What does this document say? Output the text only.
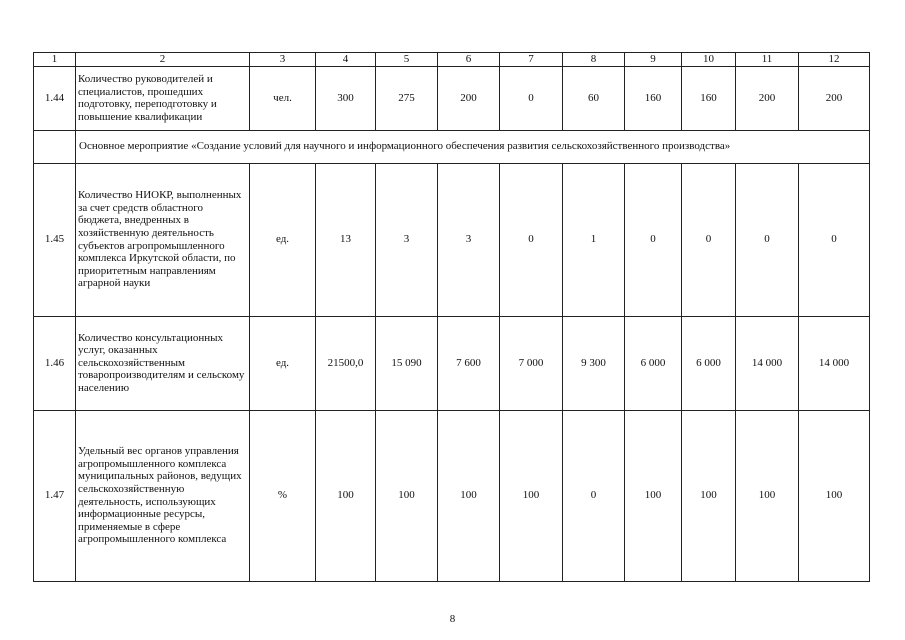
1	2	3	4	5	6	7	8	9	10	11	12
1.44	Количество руководителей и специалистов, прошедших подготовку, переподготовку и повышение квалификации	чел.	300	275	200	0	60	160	160	200	200
	Основное мероприятие «Создание условий для научного и информационного обеспечения развития сельскохозяйственного производства»										
1.45	Количество НИОКР, выполненных за счет средств областного бюджета, внедренных в хозяйственную деятельность субъектов агропромышленного комплекса Иркутской области, по приоритетным направлениям аграрной науки	ед.	13	3	3	0	1	0	0	0	0
1.46	Количество консультационных услуг, оказанных сельскохозяйственным товаропроизводителям и сельскому населению	ед.	21500,0	15 090	7 600	7 000	9 300	6 000	6 000	14 000	14 000
1.47	Удельный вес органов управления агропромышленного комплекса муниципальных районов, ведущих сельскохозяйственную деятельность, использующих информационные ресурсы, применяемые в сфере агропромышленного комплекса	%	100	100	100	100	0	100	100	100	100
8
